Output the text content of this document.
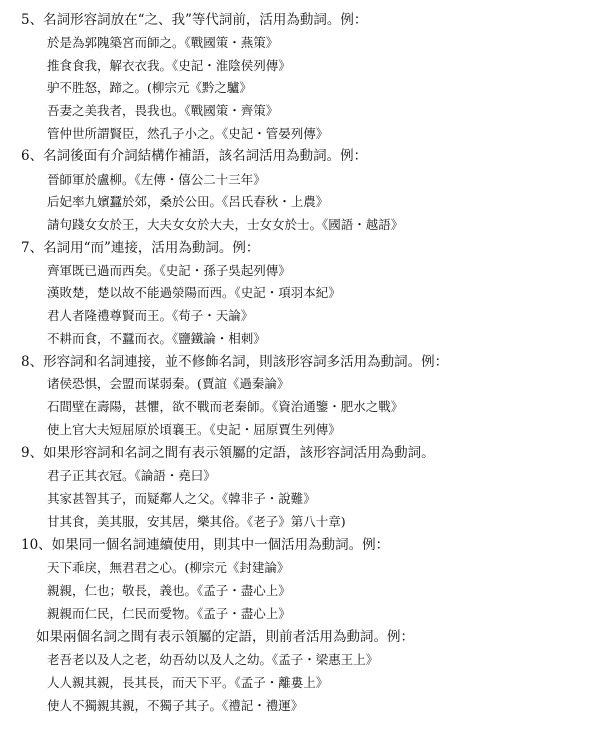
5、名詞形容詞放在“之、我”等代詞前，活用為動詞。例：
於是為郭隗築宮而師之。《戰國策・燕策》
推食食我，解衣衣我。《史記・淮陰侯列傳》
驴不胜怒，蹄之。(柳宗元《黔之驢》
吾妻之美我者，畏我也。《戰國策・齊策》
管仲世所謂賢臣，然孔子小之。《史記・管晏列傳》
6、名詞後面有介詞結構作補語，該名詞活用為動詞。例：
晉師軍於盧柳。《左傳・僖公二十三年》
后妃率九嬪蠶於郊，桑於公田。《呂氏春秋・上農》
請句踐女女於王，大夫女女於大夫，士女女於士。《國語・越語》
7、名詞用“而”連接，活用為動詞。例：
齊軍既已過而西矣。《史記・孫子吳起列傳》
漢敗楚，楚以故不能過滎陽而西。《史記・項羽本紀》
君人者隆禮尊賢而王。《荀子・天論》
不耕而食，不蠶而衣。《鹽鐵論・相刺》
8、形容詞和名詞連接，並不修飾名詞，則該形容詞多活用為動詞。例：
诸侯恐惧，会盟而谋弱秦。(賈誼《過秦論》
石間壁在壽陽，甚懼，欲不戰而老秦師。《資治通鑒・肥水之戰》
使上官大夫短屈原於頃襄王。《史記・屈原賈生列傳》
9、如果形容詞和名詞之間有表示領屬的定語，該形容詞活用為動詞。
君子正其衣冠。《論語・堯曰》
其家甚智其子，而疑鄰人之父。《韓非子・說難》
甘其食，美其服，安其居，樂其俗。《老子》第八十章)
10、如果同一個名詞連續使用，則其中一個活用為動詞。例：
天下乖戾，無君君之心。(柳宗元《封建論》
親親，仁也；敬長，義也。《孟子・盡心上》
親親而仁民，仁民而愛物。《孟子・盡心上》
如果兩個名詞之間有表示領屬的定語，則前者活用為動詞。例：
老吾老以及人之老，幼吾幼以及人之幼。《孟子・梁惠王上》
人人親其親，長其長，而天下平。《孟子・離婁上》
使人不獨親其親，不獨子其子。《禮記・禮運》
